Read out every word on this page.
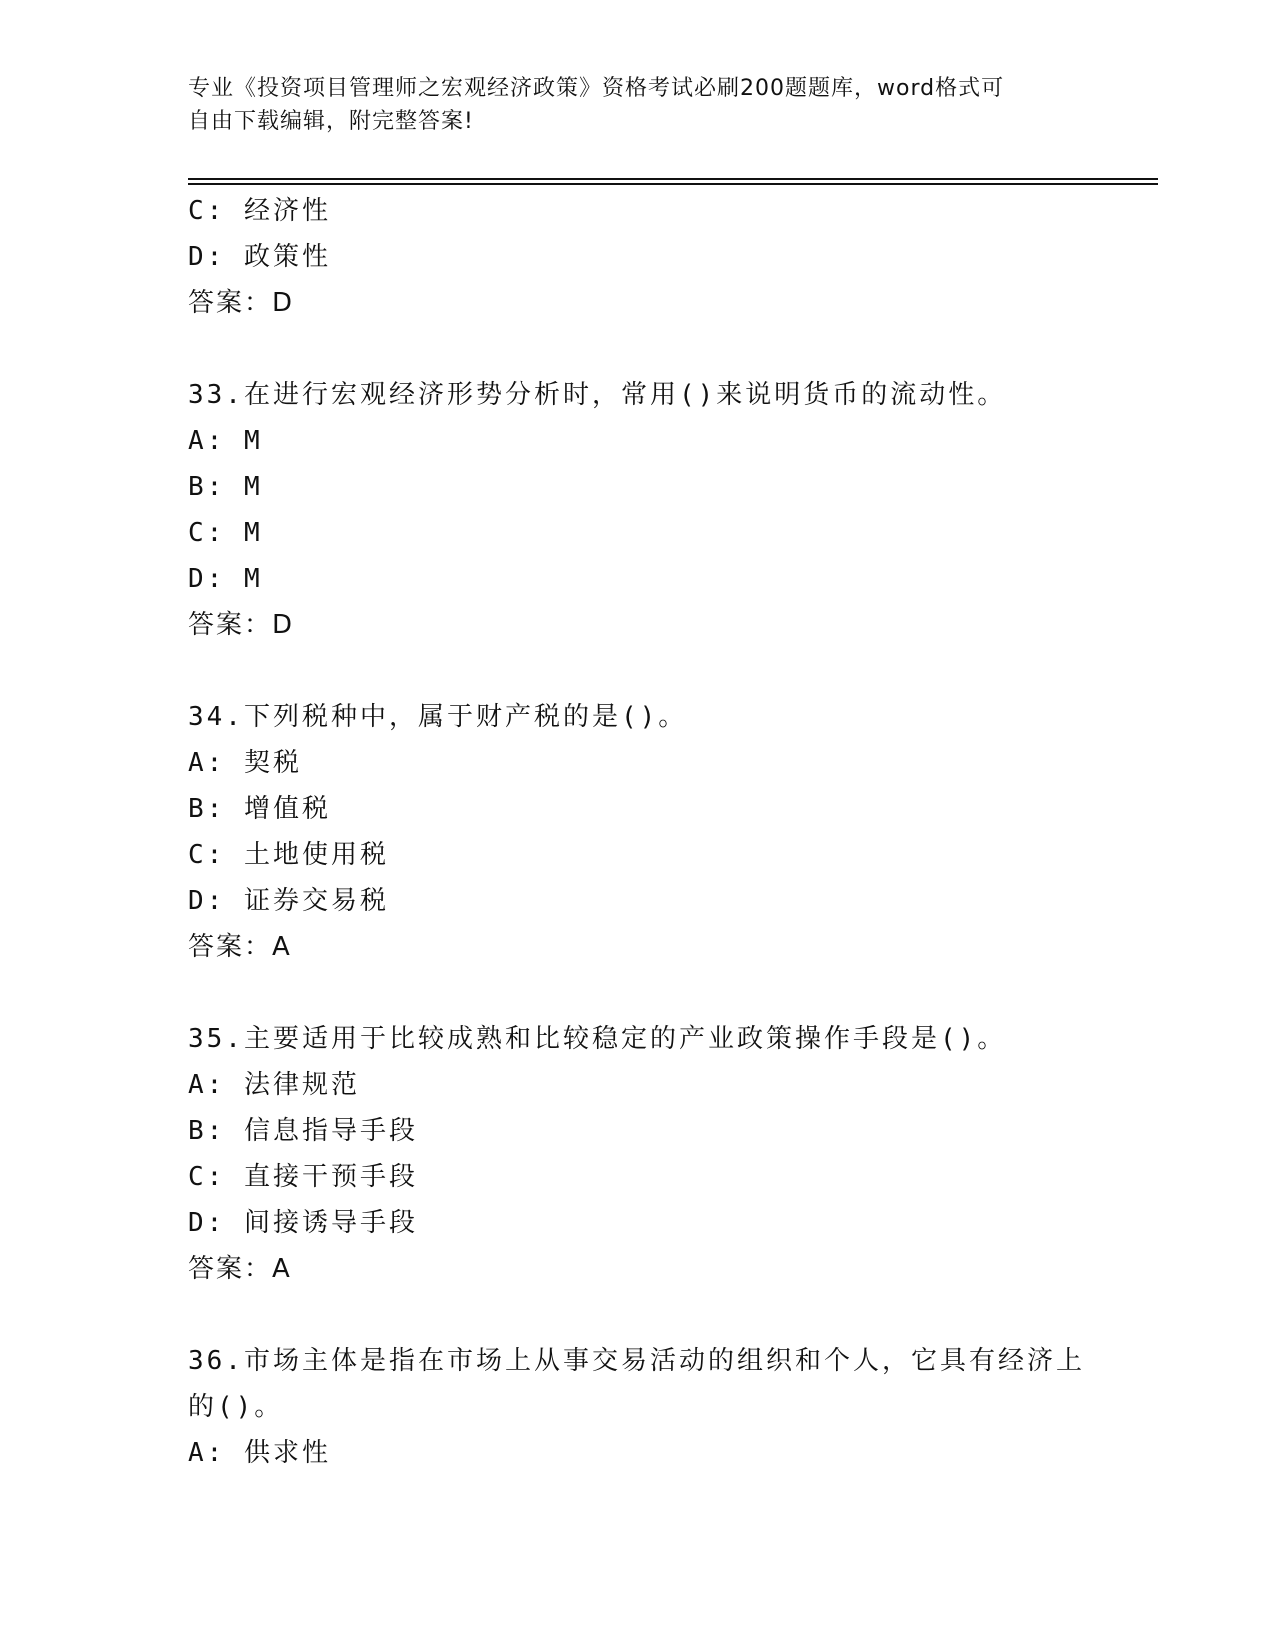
专业《投资项目管理师之宏观经济政策》资格考试必刷200题题库，word格式可
自由下载编辑，附完整答案!
C: 经济性
D: 政策性
答案：D
33.在进行宏观经济形势分析时，常用()来说明货币的流动性。
A: M
B: M
C: M
D: M
答案：D
34.下列税种中，属于财产税的是()。
A: 契税
B: 增值税
C: 土地使用税
D: 证券交易税
答案：A
35.主要适用于比较成熟和比较稳定的产业政策操作手段是()。
A: 法律规范
B: 信息指导手段
C: 直接干预手段
D: 间接诱导手段
答案：A
36.市场主体是指在市场上从事交易活动的组织和个人，它具有经济上
的()。
A: 供求性
